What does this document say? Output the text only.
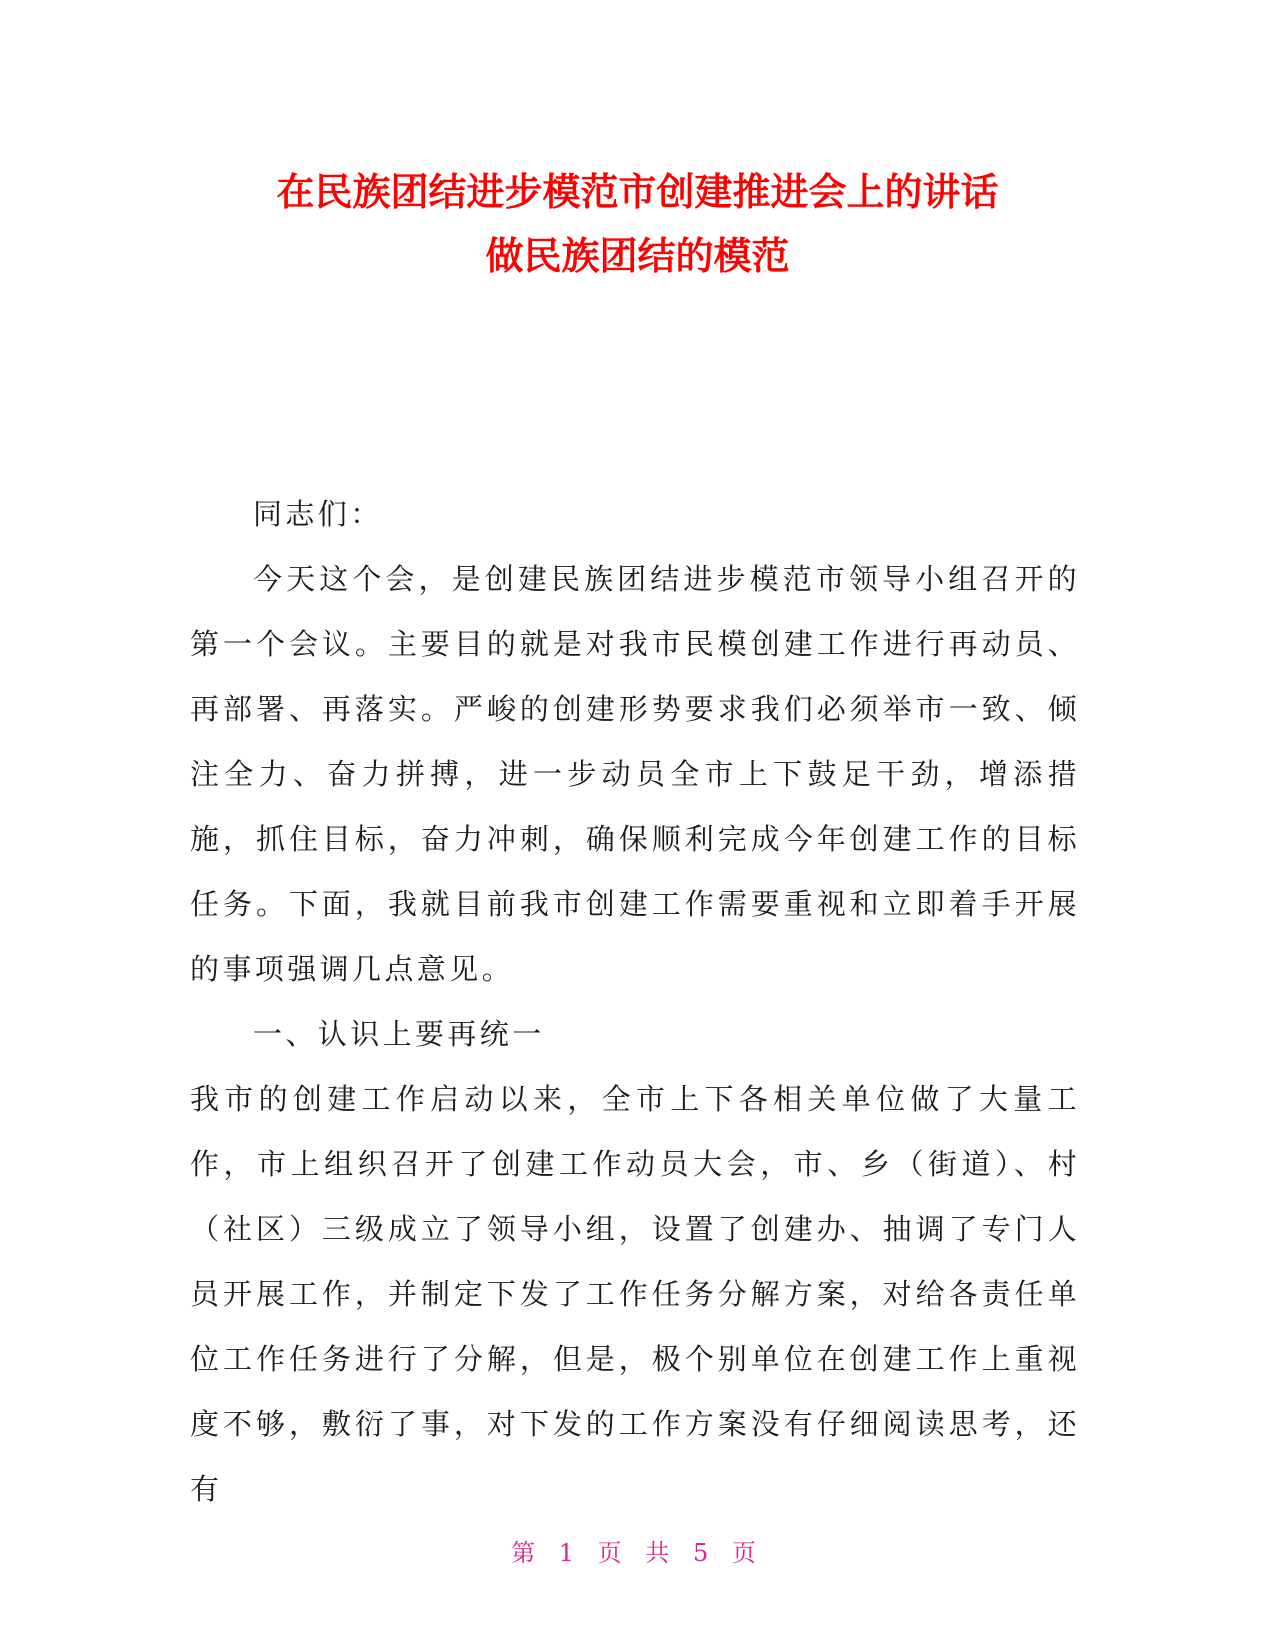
在民族团结进步模范市创建推进会上的讲话
做民族团结的模范

同志们：

今天这个会，是创建民族团结进步模范市领导小组召开的第一个会议。主要目的就是对我市民模创建工作进行再动员、再部署、再落实。严峻的创建形势要求我们必须举市一致、倾注全力、奋力拼搏，进一步动员全市上下鼓足干劲，增添措施，抓住目标，奋力冲刺，确保顺利完成今年创建工作的目标任务。下面，我就目前我市创建工作需要重视和立即着手开展的事项强调几点意见。

一、认识上要再统一

我市的创建工作启动以来，全市上下各相关单位做了大量工作，市上组织召开了创建工作动员大会，市、乡（街道）、村（社区）三级成立了领导小组，设置了创建办、抽调了专门人员开展工作，并制定下发了工作任务分解方案，对给各责任单位工作任务进行了分解，但是，极个别单位在创建工作上重视度不够，敷衍了事，对下发的工作方案没有仔细阅读思考，还有

第 1 页 共 5 页
